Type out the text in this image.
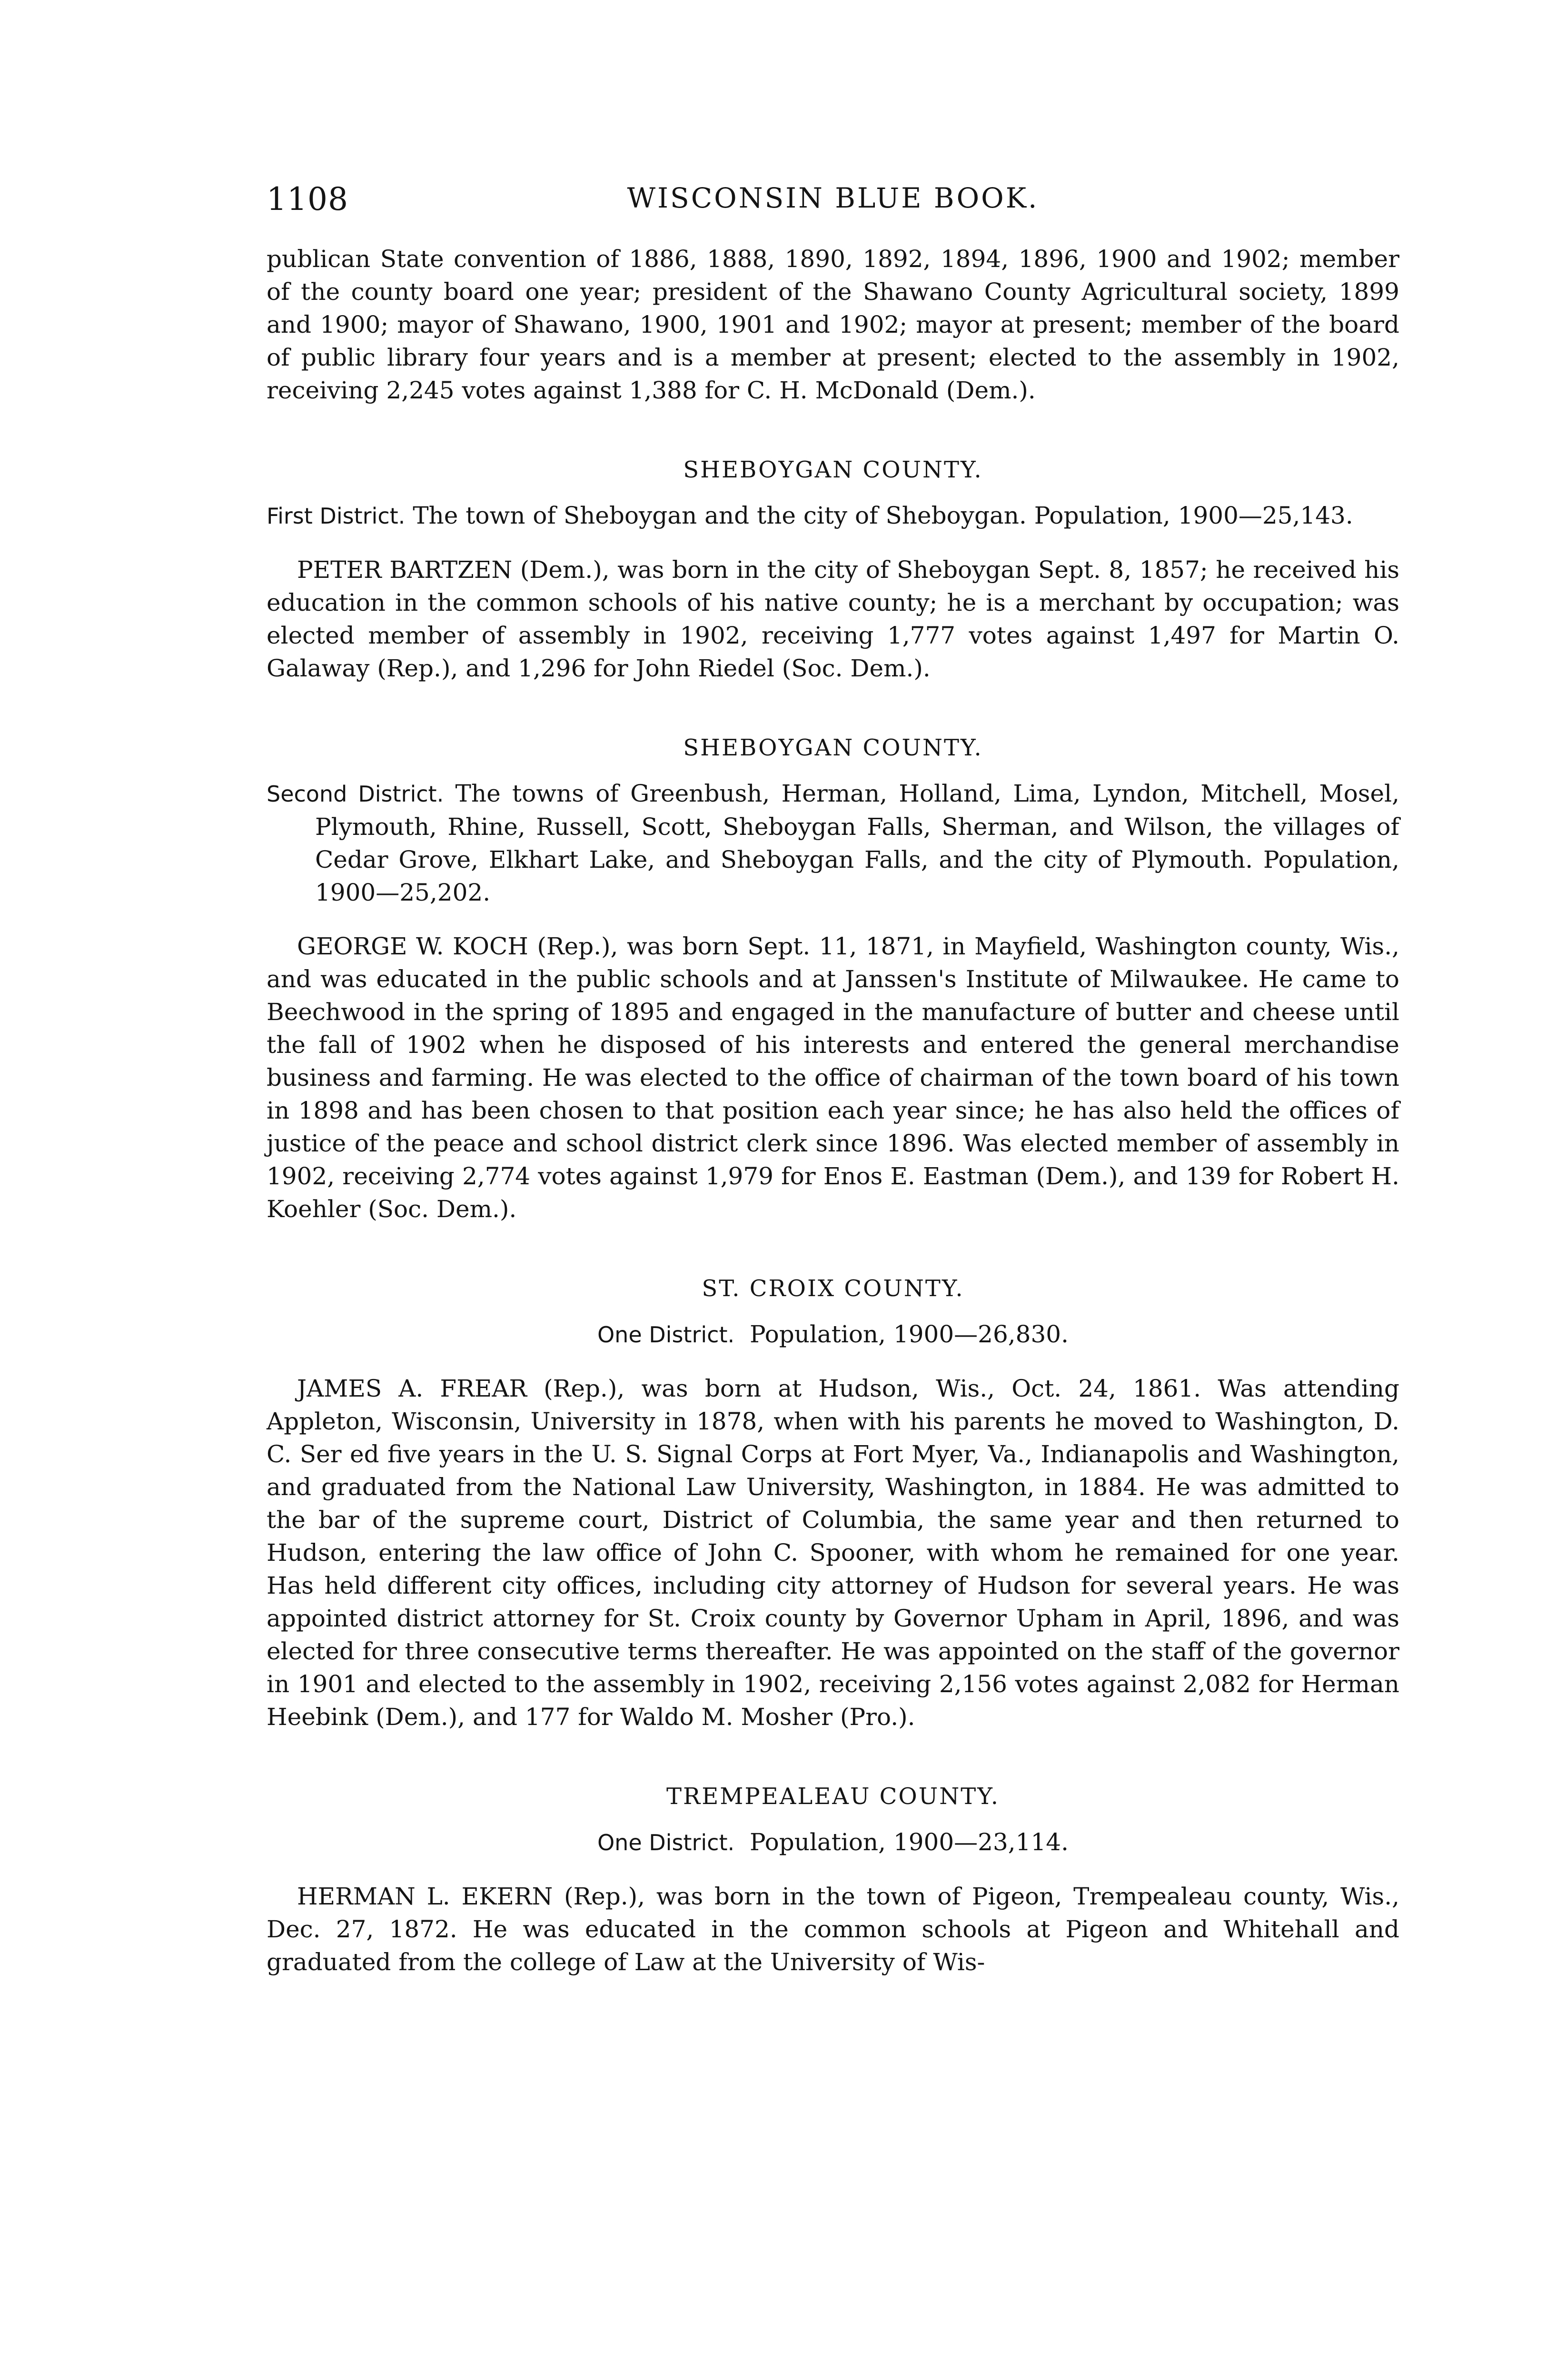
1108	WISCONSIN BLUE BOOK.

publican State convention of 1886, 1888, 1890, 1892, 1894, 1896, 1900 and 1902; member of the county board one year; president of the Shawano County Agricultural society, 1899 and 1900; mayor of Shawano, 1900, 1901 and 1902; mayor at present; member of the board of public library four years and is a member at present; elected to the assembly in 1902, receiving 2,245 votes against 1,388 for C. H. McDonald (Dem.).

SHEBOYGAN COUNTY.

First District. The town of Sheboygan and the city of Sheboygan. Population, 1900—25,143.

PETER BARTZEN (Dem.), was born in the city of Sheboygan Sept. 8, 1857; he received his education in the common schools of his native county; he is a merchant by occupation; was elected member of assembly in 1902, receiving 1,777 votes against 1,497 for Martin O. Galaway (Rep.), and 1,296 for John Riedel (Soc. Dem.).

SHEBOYGAN COUNTY.

Second District. The towns of Greenbush, Herman, Holland, Lima, Lyndon, Mitchell, Mosel, Plymouth, Rhine, Russell, Scott, Sheboygan Falls, Sherman, and Wilson, the villages of Cedar Grove, Elkhart Lake, and Sheboygan Falls, and the city of Plymouth. Population, 1900—25,202.

GEORGE W. KOCH (Rep.), was born Sept. 11, 1871, in Mayfield, Washington county, Wis., and was educated in the public schools and at Janssen's Institute of Milwaukee. He came to Beechwood in the spring of 1895 and engaged in the manufacture of butter and cheese until the fall of 1902 when he disposed of his interests and entered the general merchandise business and farming. He was elected to the office of chairman of the town board of his town in 1898 and has been chosen to that position each year since; he has also held the offices of justice of the peace and school district clerk since 1896. Was elected member of assembly in 1902, receiving 2,774 votes against 1,979 for Enos E. Eastman (Dem.), and 139 for Robert H. Koehler (Soc. Dem.).

ST. CROIX COUNTY.

One District. Population, 1900—26,830.

JAMES A. FREAR (Rep.), was born at Hudson, Wis., Oct. 24, 1861. Was attending Appleton, Wisconsin, University in 1878, when with his parents he moved to Washington, D. C. Ser ed five years in the U. S. Signal Corps at Fort Myer, Va., Indianapolis and Washington, and graduated from the National Law University, Washington, in 1884. He was admitted to the bar of the supreme court, District of Columbia, the same year and then returned to Hudson, entering the law office of John C. Spooner, with whom he remained for one year. Has held different city offices, including city attorney of Hudson for several years. He was appointed district attorney for St. Croix county by Governor Upham in April, 1896, and was elected for three consecutive terms thereafter. He was appointed on the staff of the governor in 1901 and elected to the assembly in 1902, receiving 2,156 votes against 2,082 for Herman Heebink (Dem.), and 177 for Waldo M. Mosher (Pro.).

TREMPEALEAU COUNTY.

One District. Population, 1900—23,114.

HERMAN L. EKERN (Rep.), was born in the town of Pigeon, Trempealeau county, Wis., Dec. 27, 1872. He was educated in the common schools at Pigeon and Whitehall and graduated from the college of Law at the University of Wis-
